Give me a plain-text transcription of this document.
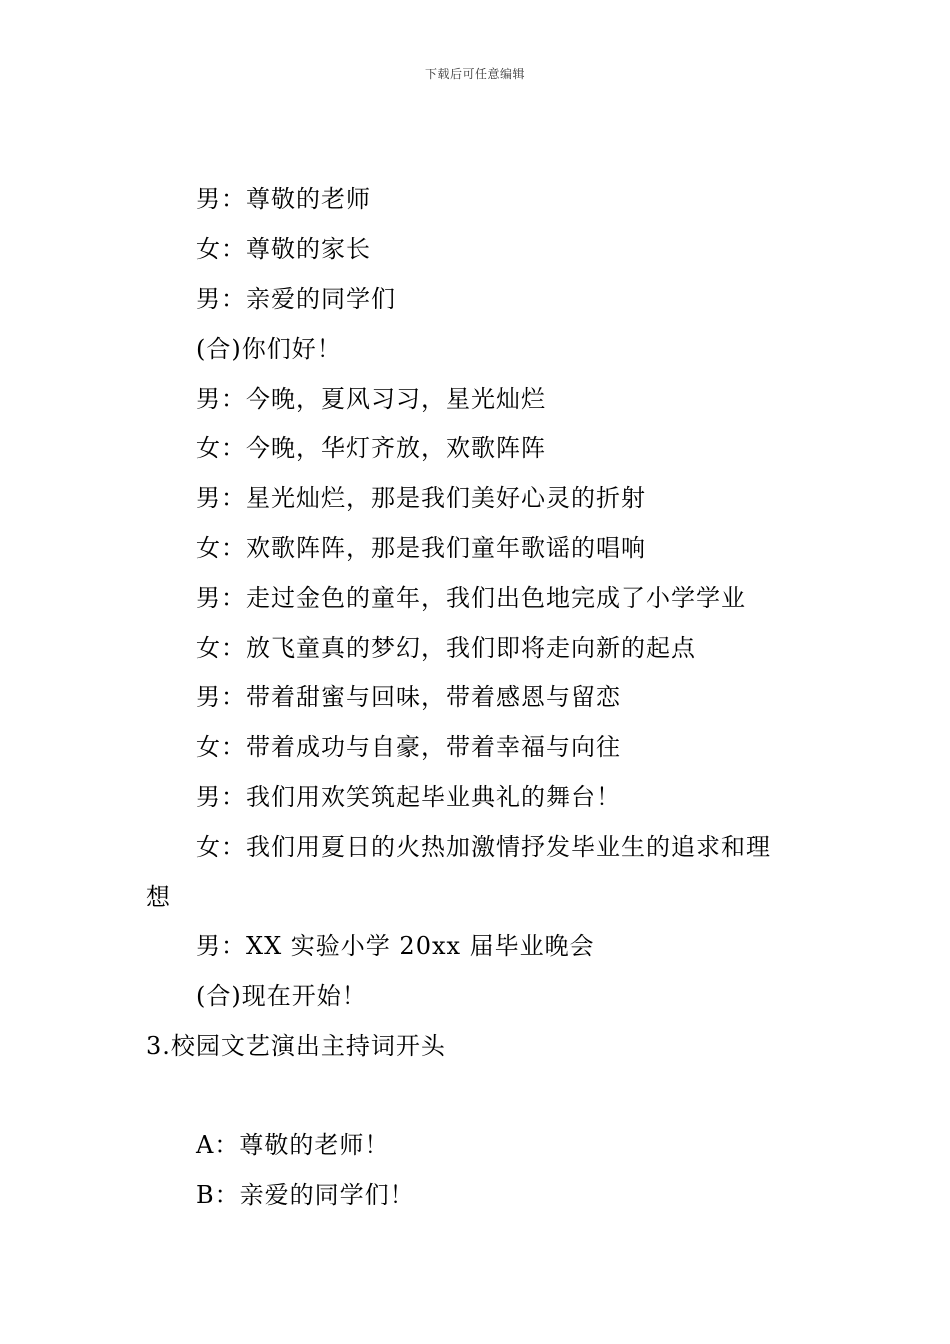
下载后可任意编辑
男：尊敬的老师
女：尊敬的家长
男：亲爱的同学们
(合)你们好！
男：今晚，夏风习习，星光灿烂
女：今晚，华灯齐放，欢歌阵阵
男：星光灿烂，那是我们美好心灵的折射
女：欢歌阵阵，那是我们童年歌谣的唱响
男：走过金色的童年，我们出色地完成了小学学业
女：放飞童真的梦幻，我们即将走向新的起点
男：带着甜蜜与回味，带着感恩与留恋
女：带着成功与自豪，带着幸福与向往
男：我们用欢笑筑起毕业典礼的舞台！
女：我们用夏日的火热加激情抒发毕业生的追求和理
想
男：XX 实验小学 20xx 届毕业晚会
(合)现在开始！
3.校园文艺演出主持词开头
A：尊敬的老师！
B：亲爱的同学们！
